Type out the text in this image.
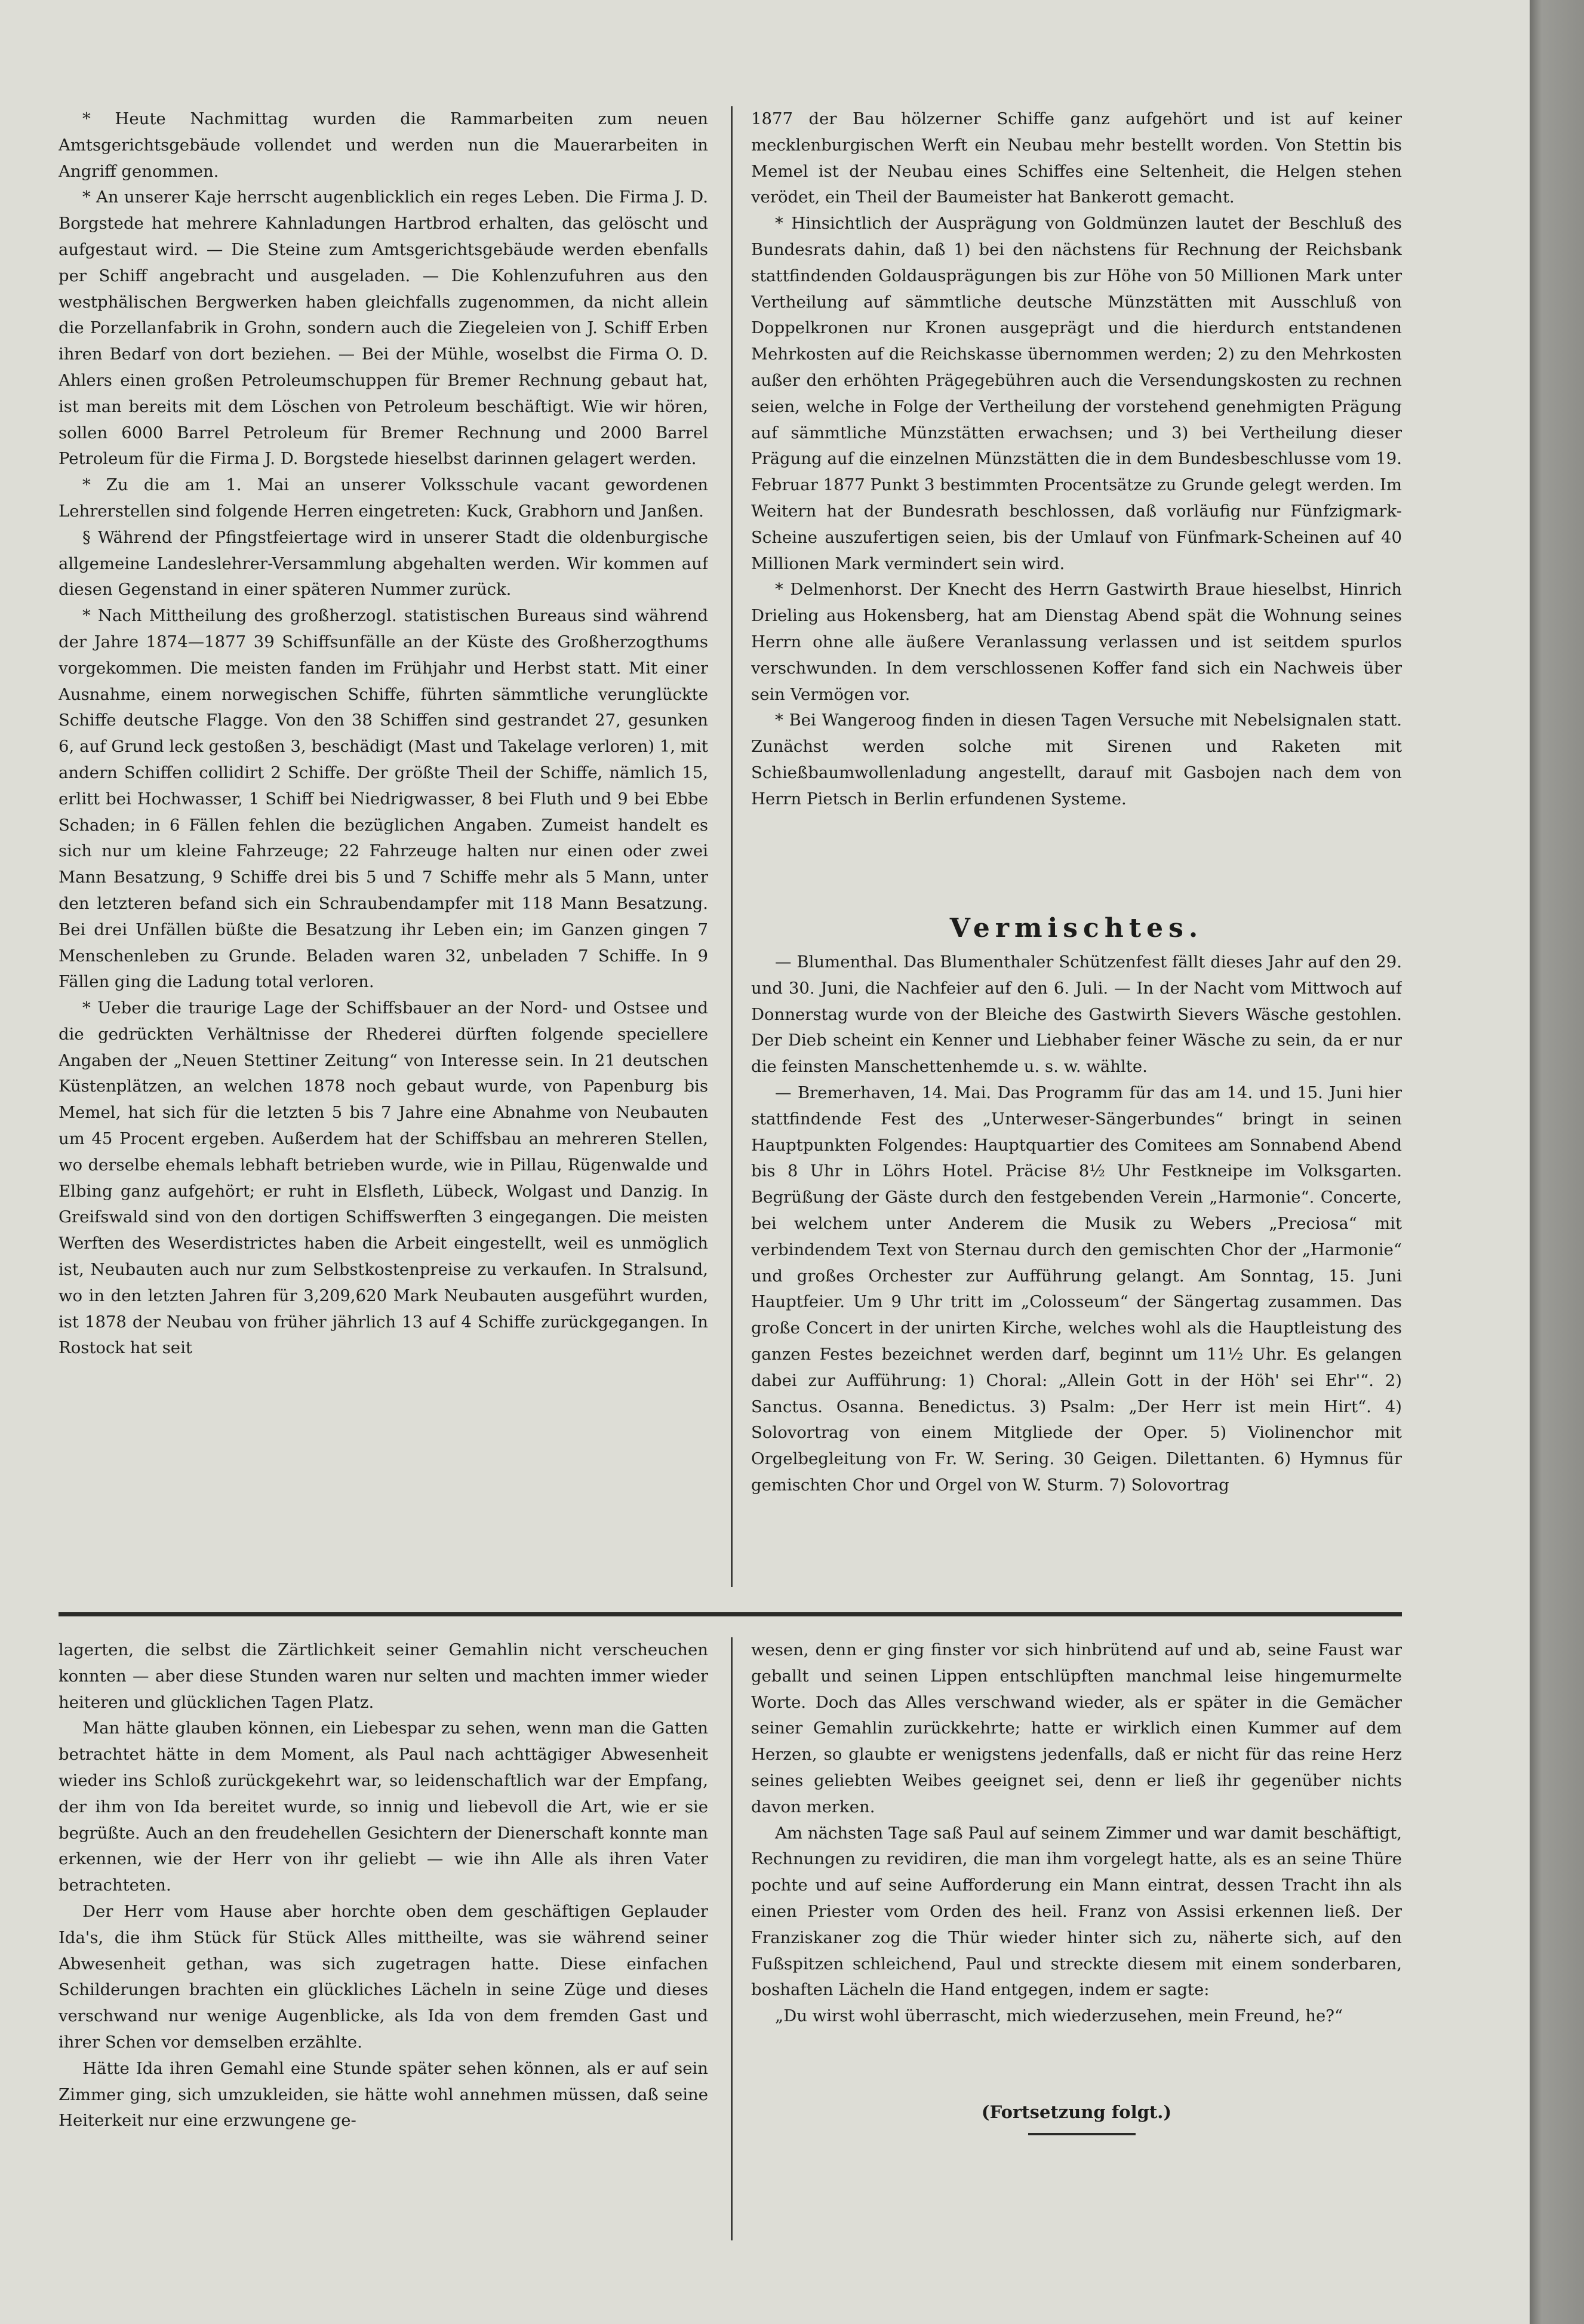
* Heute Nachmittag wurden die Rammarbeiten zum neuen Amtsgerichtsgebäude vollendet und werden nun die Mauerarbeiten in Angriff genommen.

* An unserer Kaje herrscht augenblicklich ein reges Leben. Die Firma J. D. Borgstede hat mehrere Kahnladungen Hartbrod erhalten, das gelöscht und aufgestaut wird. — Die Steine zum Amtsgerichtsgebäude werden ebenfalls per Schiff angebracht und ausgeladen. — Die Kohlenzufuhren aus den westphälischen Bergwerken haben gleichfalls zugenommen, da nicht allein die Porzellanfabrik in Grohn, sondern auch die Ziegeleien von J. Schiff Erben ihren Bedarf von dort beziehen. — Bei der Mühle, woselbst die Firma O. D. Ahlers einen großen Petroleumschuppen für Bremer Rechnung gebaut hat, ist man bereits mit dem Löschen von Petroleum beschäftigt. Wie wir hören, sollen 6000 Barrel Petroleum für Bremer Rechnung und 2000 Barrel Petroleum für die Firma J. D. Borgstede hieselbst darinnen gelagert werden.

* Zu die am 1. Mai an unserer Volksschule vacant gewordenen Lehrerstellen sind folgende Herren eingetreten: Kuck, Grabhorn und Janßen.

§ Während der Pfingstfeiertage wird in unserer Stadt die oldenburgische allgemeine Landeslehrer-Versammlung abgehalten werden. Wir kommen auf diesen Gegenstand in einer späteren Nummer zurück.

* Nach Mittheilung des großherzogl. statistischen Bureaus sind während der Jahre 1874—1877 39 Schiffsunfälle an der Küste des Großherzogthums vorgekommen. Die meisten fanden im Frühjahr und Herbst statt. Mit einer Ausnahme, einem norwegischen Schiffe, führten sämmtliche verunglückte Schiffe deutsche Flagge. Von den 38 Schiffen sind gestrandet 27, gesunken 6, auf Grund leck gestoßen 3, beschädigt (Mast und Takelage verloren) 1, mit andern Schiffen collidirt 2 Schiffe. Der größte Theil der Schiffe, nämlich 15, erlitt bei Hochwasser, 1 Schiff bei Niedrigwasser, 8 bei Fluth und 9 bei Ebbe Schaden; in 6 Fällen fehlen die bezüglichen Angaben. Zumeist handelt es sich nur um kleine Fahrzeuge; 22 Fahrzeuge halten nur einen oder zwei Mann Besatzung, 9 Schiffe drei bis 5 und 7 Schiffe mehr als 5 Mann, unter den letzteren befand sich ein Schraubendampfer mit 118 Mann Besatzung. Bei drei Unfällen büßte die Besatzung ihr Leben ein; im Ganzen gingen 7 Menschenleben zu Grunde. Beladen waren 32, unbeladen 7 Schiffe. In 9 Fällen ging die Ladung total verloren.

* Ueber die traurige Lage der Schiffsbauer an der Nord- und Ostsee und die gedrückten Verhältnisse der Rhederei dürften folgende speciellere Angaben der „Neuen Stettiner Zeitung“ von Interesse sein. In 21 deutschen Küstenplätzen, an welchen 1878 noch gebaut wurde, von Papenburg bis Memel, hat sich für die letzten 5 bis 7 Jahre eine Abnahme von Neubauten um 45 Procent ergeben. Außerdem hat der Schiffsbau an mehreren Stellen, wo derselbe ehemals lebhaft betrieben wurde, wie in Pillau, Rügenwalde und Elbing ganz aufgehört; er ruht in Elsfleth, Lübeck, Wolgast und Danzig. In Greifswald sind von den dortigen Schiffswerften 3 eingegangen. Die meisten Werften des Weserdistrictes haben die Arbeit eingestellt, weil es unmöglich ist, Neubauten auch nur zum Selbstkostenpreise zu verkaufen. In Stralsund, wo in den letzten Jahren für 3,209,620 Mark Neubauten ausgeführt wurden, ist 1878 der Neubau von früher jährlich 13 auf 4 Schiffe zurückgegangen. In Rostock hat seit

1877 der Bau hölzerner Schiffe ganz aufgehört und ist auf keiner mecklenburgischen Werft ein Neubau mehr bestellt worden. Von Stettin bis Memel ist der Neubau eines Schiffes eine Seltenheit, die Helgen stehen verödet, ein Theil der Baumeister hat Bankerott gemacht.

* Hinsichtlich der Ausprägung von Goldmünzen lautet der Beschluß des Bundesrats dahin, daß 1) bei den nächstens für Rechnung der Reichsbank stattfindenden Goldausprägungen bis zur Höhe von 50 Millionen Mark unter Vertheilung auf sämmtliche deutsche Münzstätten mit Ausschluß von Doppelkronen nur Kronen ausgeprägt und die hierdurch entstandenen Mehrkosten auf die Reichskasse übernommen werden; 2) zu den Mehrkosten außer den erhöhten Prägegebühren auch die Versendungskosten zu rechnen seien, welche in Folge der Vertheilung der vorstehend genehmigten Prägung auf sämmtliche Münzstätten erwachsen; und 3) bei Vertheilung dieser Prägung auf die einzelnen Münzstätten die in dem Bundesbeschlusse vom 19. Februar 1877 Punkt 3 bestimmten Procentsätze zu Grunde gelegt werden. Im Weitern hat der Bundesrath beschlossen, daß vorläufig nur Fünfzigmark-Scheine auszufertigen seien, bis der Umlauf von Fünfmark-Scheinen auf 40 Millionen Mark vermindert sein wird.

* Delmenhorst. Der Knecht des Herrn Gastwirth Braue hieselbst, Hinrich Drieling aus Hokensberg, hat am Dienstag Abend spät die Wohnung seines Herrn ohne alle äußere Veranlassung verlassen und ist seitdem spurlos verschwunden. In dem verschlossenen Koffer fand sich ein Nachweis über sein Vermögen vor.

* Bei Wangeroog finden in diesen Tagen Versuche mit Nebelsignalen statt. Zunächst werden solche mit Sirenen und Raketen mit Schießbaumwollenladung angestellt, darauf mit Gasbojen nach dem von Herrn Pietsch in Berlin erfundenen Systeme.

Vermischtes.

— Blumenthal. Das Blumenthaler Schützenfest fällt dieses Jahr auf den 29. und 30. Juni, die Nachfeier auf den 6. Juli. — In der Nacht vom Mittwoch auf Donnerstag wurde von der Bleiche des Gastwirth Sievers Wäsche gestohlen. Der Dieb scheint ein Kenner und Liebhaber feiner Wäsche zu sein, da er nur die feinsten Manschettenhemde u. s. w. wählte.

— Bremerhaven, 14. Mai. Das Programm für das am 14. und 15. Juni hier stattfindende Fest des „Unterweser-Sängerbundes“ bringt in seinen Hauptpunkten Folgendes: Hauptquartier des Comitees am Sonnabend Abend bis 8 Uhr in Löhrs Hotel. Präcise 8½ Uhr Festkneipe im Volksgarten. Begrüßung der Gäste durch den festgebenden Verein „Harmonie“. Concerte, bei welchem unter Anderem die Musik zu Webers „Preciosa“ mit verbindendem Text von Sternau durch den gemischten Chor der „Harmonie“ und großes Orchester zur Aufführung gelangt. Am Sonntag, 15. Juni Hauptfeier. Um 9 Uhr tritt im „Colosseum“ der Sängertag zusammen. Das große Concert in der unirten Kirche, welches wohl als die Hauptleistung des ganzen Festes bezeichnet werden darf, beginnt um 11½ Uhr. Es gelangen dabei zur Aufführung: 1) Choral: „Allein Gott in der Höh' sei Ehr'“. 2) Sanctus. Osanna. Benedictus. 3) Psalm: „Der Herr ist mein Hirt“. 4) Solovortrag von einem Mitgliede der Oper. 5) Violinenchor mit Orgelbegleitung von Fr. W. Sering. 30 Geigen. Dilettanten. 6) Hymnus für gemischten Chor und Orgel von W. Sturm. 7) Solovortrag

lagerten, die selbst die Zärtlichkeit seiner Gemahlin nicht verscheuchen konnten — aber diese Stunden waren nur selten und machten immer wieder heiteren und glücklichen Tagen Platz.

Man hätte glauben können, ein Liebespar zu sehen, wenn man die Gatten betrachtet hätte in dem Moment, als Paul nach achttägiger Abwesenheit wieder ins Schloß zurückgekehrt war, so leidenschaftlich war der Empfang, der ihm von Ida bereitet wurde, so innig und liebevoll die Art, wie er sie begrüßte. Auch an den freudehellen Gesichtern der Dienerschaft konnte man erkennen, wie der Herr von ihr geliebt — wie ihn Alle als ihren Vater betrachteten.

Der Herr vom Hause aber horchte oben dem geschäftigen Geplauder Ida's, die ihm Stück für Stück Alles mittheilte, was sie während seiner Abwesenheit gethan, was sich zugetragen hatte. Diese einfachen Schilderungen brachten ein glückliches Lächeln in seine Züge und dieses verschwand nur wenige Augenblicke, als Ida von dem fremden Gast und ihrer Schen vor demselben erzählte.

Hätte Ida ihren Gemahl eine Stunde später sehen können, als er auf sein Zimmer ging, sich umzukleiden, sie hätte wohl annehmen müssen, daß seine Heiterkeit nur eine erzwungene ge-

wesen, denn er ging finster vor sich hinbrütend auf und ab, seine Faust war geballt und seinen Lippen entschlüpften manchmal leise hingemurmelte Worte. Doch das Alles verschwand wieder, als er später in die Gemächer seiner Gemahlin zurückkehrte; hatte er wirklich einen Kummer auf dem Herzen, so glaubte er wenigstens jedenfalls, daß er nicht für das reine Herz seines geliebten Weibes geeignet sei, denn er ließ ihr gegenüber nichts davon merken.

Am nächsten Tage saß Paul auf seinem Zimmer und war damit beschäftigt, Rechnungen zu revidiren, die man ihm vorgelegt hatte, als es an seine Thüre pochte und auf seine Aufforderung ein Mann eintrat, dessen Tracht ihn als einen Priester vom Orden des heil. Franz von Assisi erkennen ließ. Der Franziskaner zog die Thür wieder hinter sich zu, näherte sich, auf den Fußspitzen schleichend, Paul und streckte diesem mit einem sonderbaren, boshaften Lächeln die Hand entgegen, indem er sagte:

„Du wirst wohl überrascht, mich wiederzusehen, mein Freund, he?“

(Fortsetzung folgt.)
